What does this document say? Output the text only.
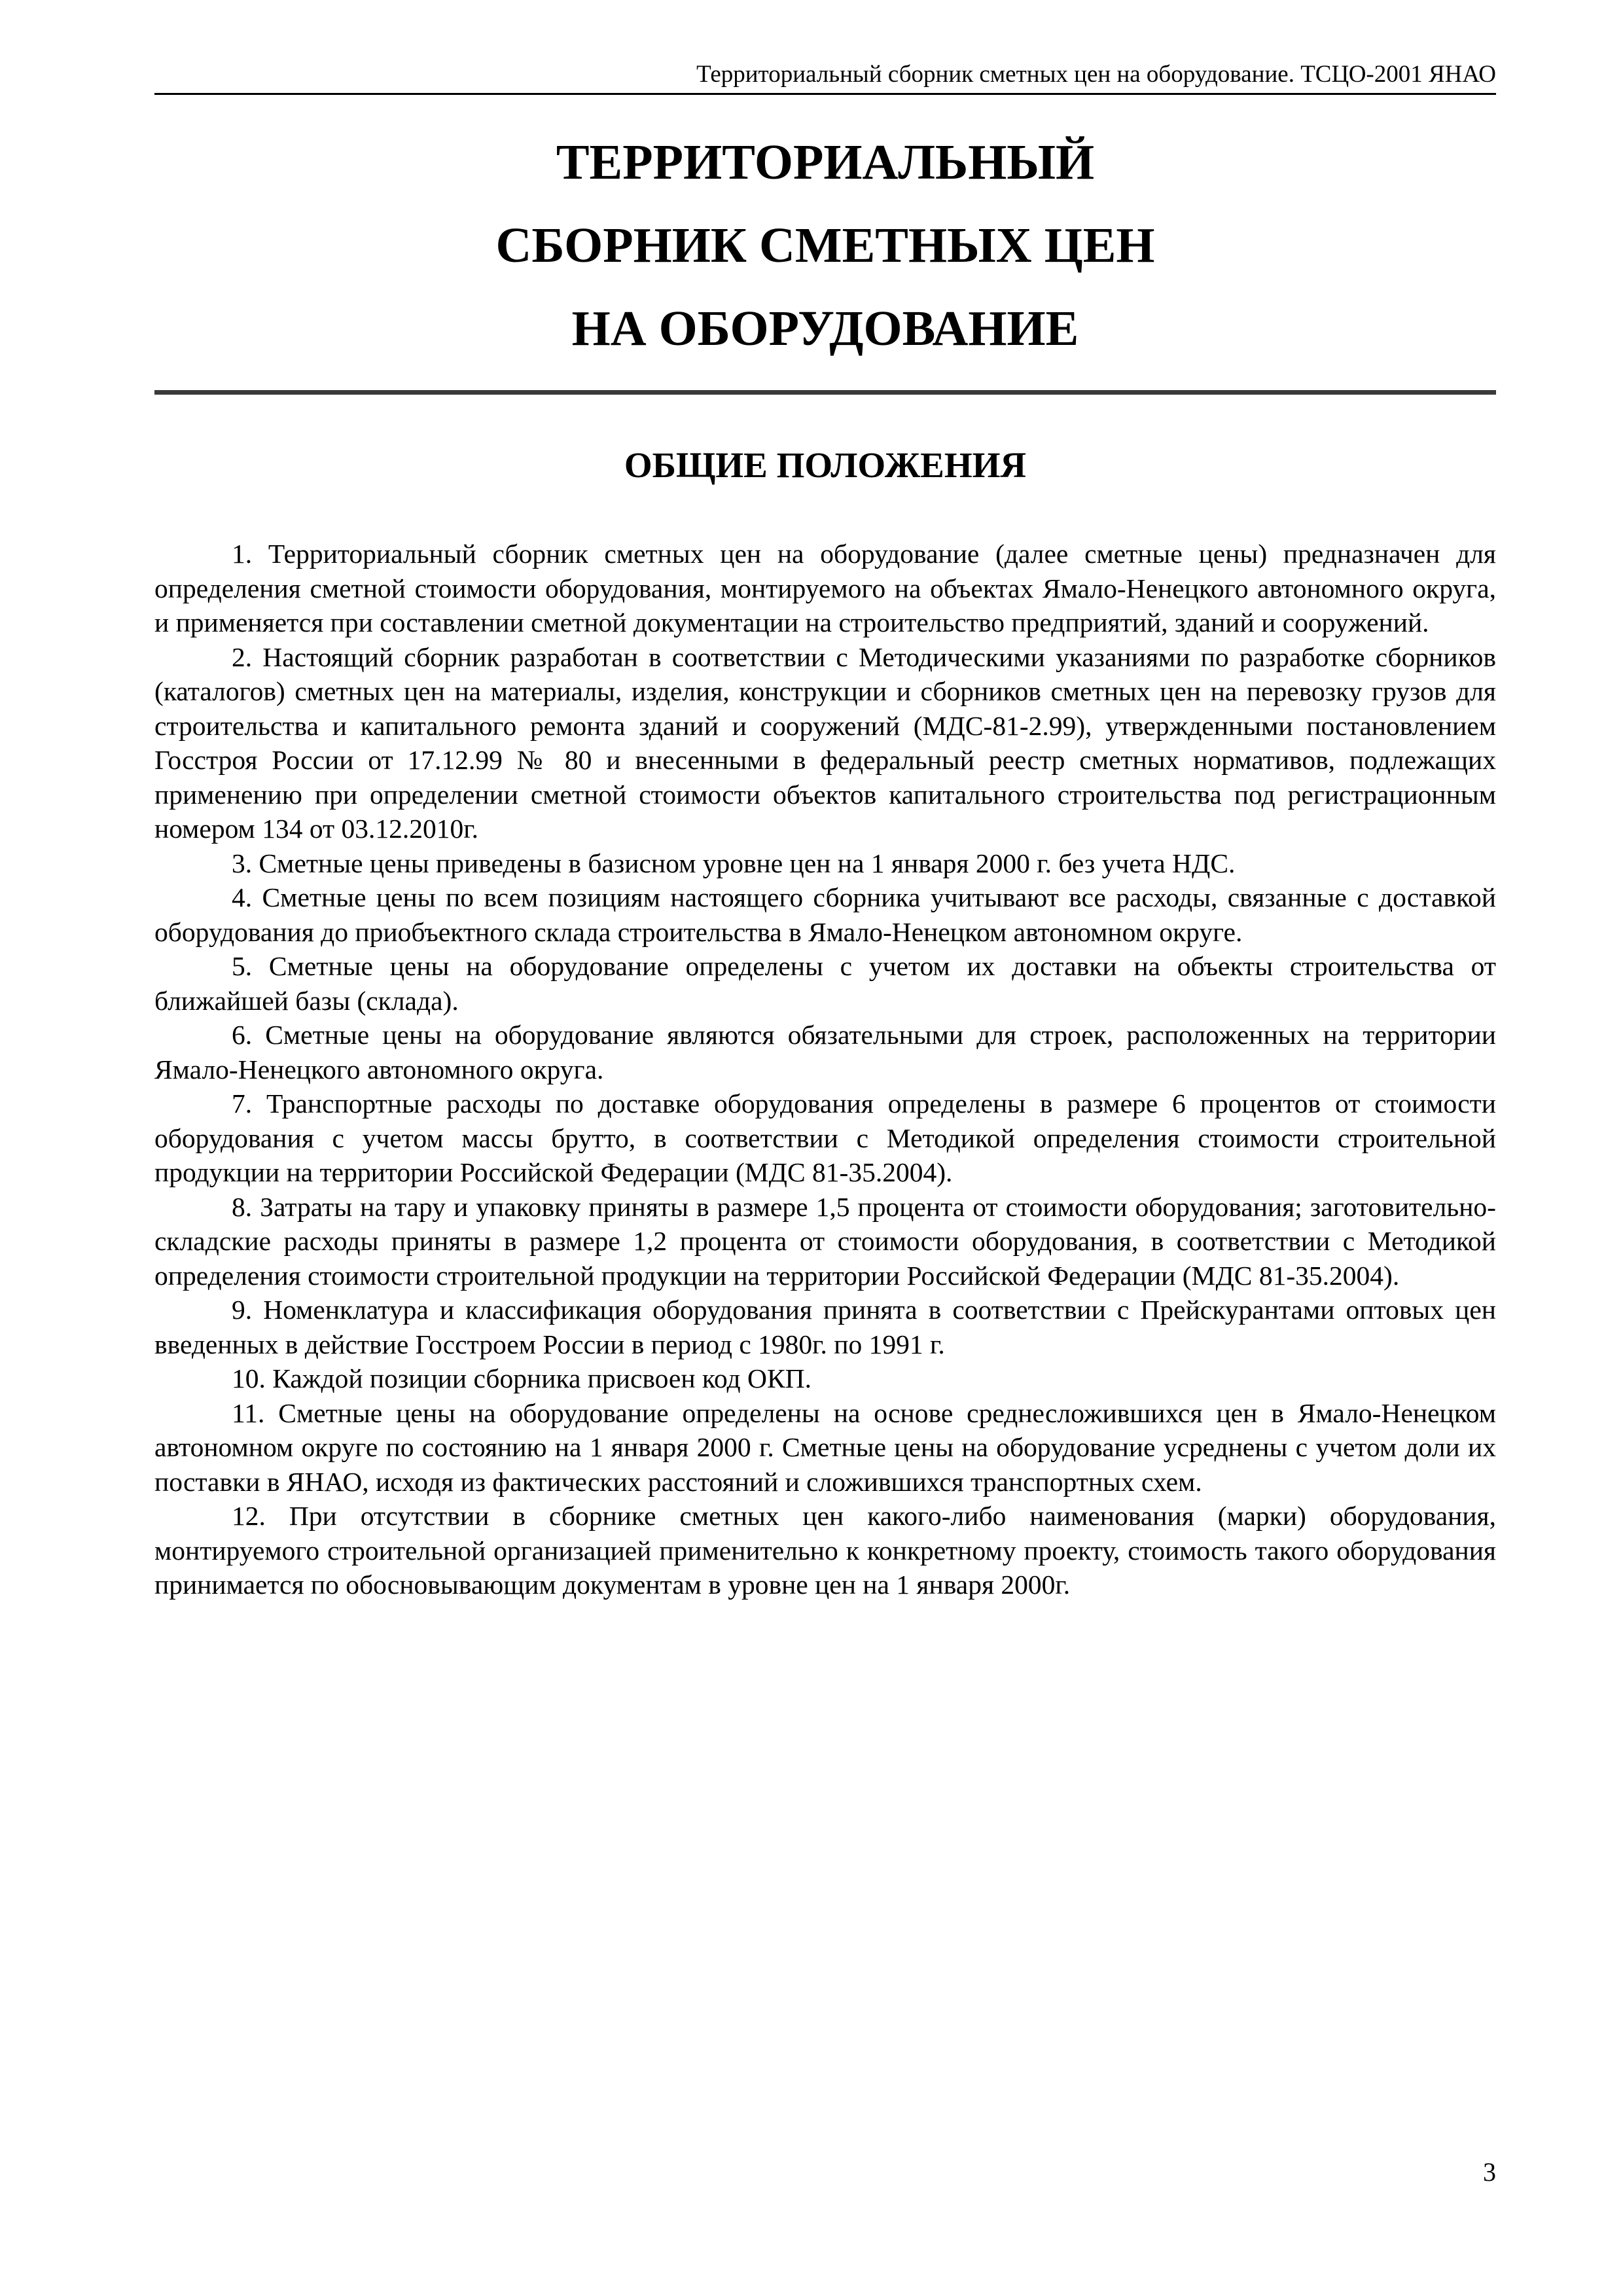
Территориальный сборник сметных цен на оборудование. ТСЦО-2001 ЯНАО
ТЕРРИТОРИАЛЬНЫЙ
СБОРНИК СМЕТНЫХ ЦЕН
НА ОБОРУДОВАНИЕ
ОБЩИЕ ПОЛОЖЕНИЯ

1. Территориальный сборник сметных цен на оборудование (далее сметные цены) предназначен для определения сметной стоимости оборудования, монтируемого на объектах Ямало-Ненецкого автономного округа, и применяется при составлении сметной документации на строительство предприятий, зданий и сооружений.

2. Настоящий сборник разработан в соответствии с Методическими указаниями по разработке сборников (каталогов) сметных цен на материалы, изделия, конструкции и сборников сметных цен на перевозку грузов для строительства и капитального ремонта зданий и сооружений (МДС-81-2.99), утвержденными постановлением Госстроя России от 17.12.99 № 80 и внесенными в федеральный реестр сметных нормативов, подлежащих применению при определении сметной стоимости объектов капитального строительства под регистрационным номером 134 от 03.12.2010г.

3. Сметные цены приведены в базисном уровне цен на 1 января 2000 г. без учета НДС.

4. Сметные цены по всем позициям настоящего сборника учитывают все расходы, связанные с доставкой оборудования до приобъектного склада строительства в Ямало-Ненецком автономном округе.

5. Сметные цены на оборудование определены с учетом их доставки на объекты строительства от ближайшей базы (склада).

6. Сметные цены на оборудование являются обязательными для строек, расположенных на территории Ямало-Ненецкого автономного округа.

7. Транспортные расходы по доставке оборудования определены в размере 6 процентов от стоимости оборудования с учетом массы брутто, в соответствии с Методикой определения стоимости строительной продукции на территории Российской Федерации (МДС 81-35.2004).

8. Затраты на тару и упаковку приняты в размере 1,5 процента от стоимости оборудования; заготовительно-складские расходы приняты в размере 1,2 процента от стоимости оборудования, в соответствии с Методикой определения стоимости строительной продукции на территории Российской Федерации (МДС 81-35.2004).

9. Номенклатура и классификация оборудования принята в соответствии с Прейскурантами оптовых цен введенных в действие Госстроем России в период с 1980г. по 1991 г.

10. Каждой позиции сборника присвоен код ОКП.

11. Сметные цены на оборудование определены на основе среднесложившихся цен в Ямало-Ненецком автономном округе по состоянию на 1 января 2000 г. Сметные цены на оборудование усреднены с учетом доли их поставки в ЯНАО, исходя из фактических расстояний и сложившихся транспортных схем.

12. При отсутствии в сборнике сметных цен какого-либо наименования (марки) оборудования, монтируемого строительной организацией применительно к конкретному проекту, стоимость такого оборудования принимается по обосновывающим документам в уровне цен на 1 января 2000г.

3
